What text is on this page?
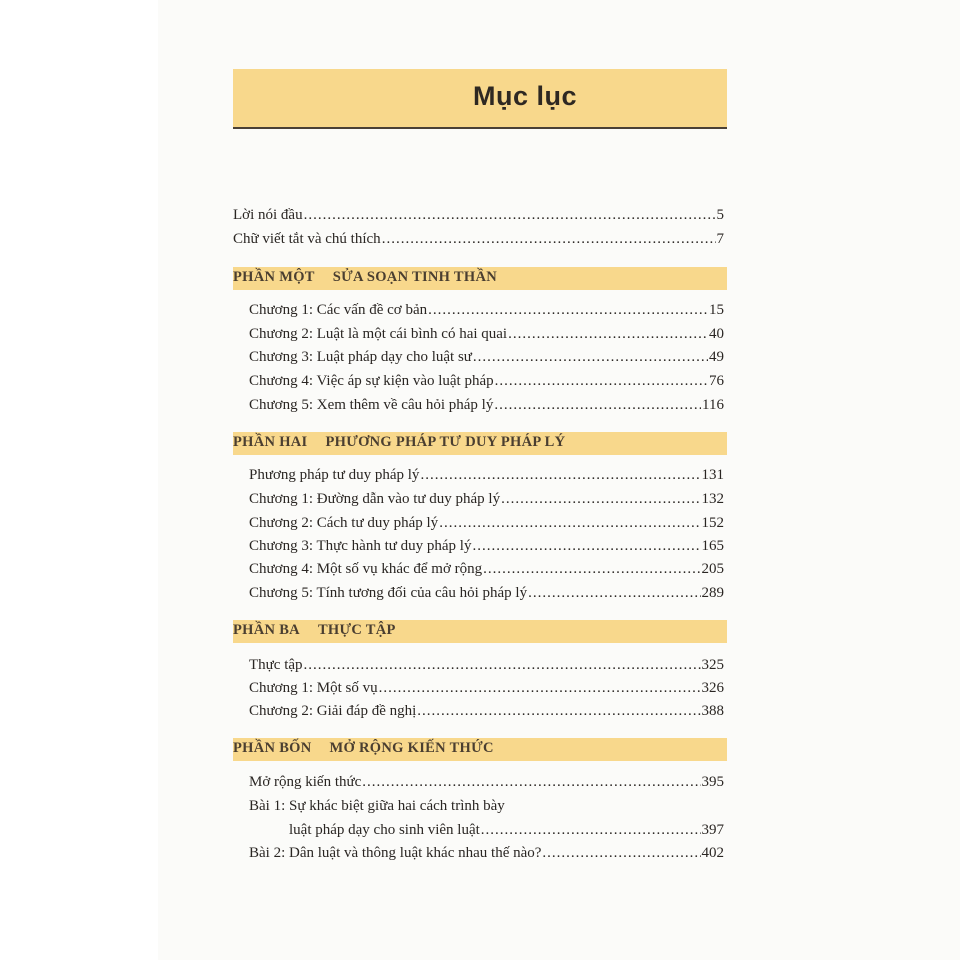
Mục lục
Lời nói đầu .....	5
Chữ viết tắt và chú thích .....	7
PHẦN MỘT SỬA SOẠN TINH THẦN
Chương 1: Các vấn đề cơ bản .....	15
Chương 2: Luật là một cái bình có hai quai .....	40
Chương 3: Luật pháp dạy cho luật sư .....	49
Chương 4: Việc áp sự kiện vào luật pháp .....	76
Chương 5: Xem thêm về câu hỏi pháp lý .....	116
PHẦN HAI PHƯƠNG PHÁP TƯ DUY PHÁP LÝ
Phương pháp tư duy pháp lý .....	131
Chương 1: Đường dẫn vào tư duy pháp lý .....	132
Chương 2: Cách tư duy pháp lý .....	152
Chương 3: Thực hành tư duy pháp lý .....	165
Chương 4: Một số vụ khác để mở rộng .....	205
Chương 5: Tính tương đối của câu hỏi pháp lý .....	289
PHẦN BA THỰC TẬP
Thực tập .....	325
Chương 1: Một số vụ .....	326
Chương 2: Giải đáp đề nghị .....	388
PHẦN BỐN MỞ RỘNG KIẾN THỨC
Mở rộng kiến thức .....	395
Bài 1: Sự khác biệt giữa hai cách trình bày
luật pháp dạy cho sinh viên luật .....	397
Bài 2: Dân luật và thông luật khác nhau thế nào? .....	402
